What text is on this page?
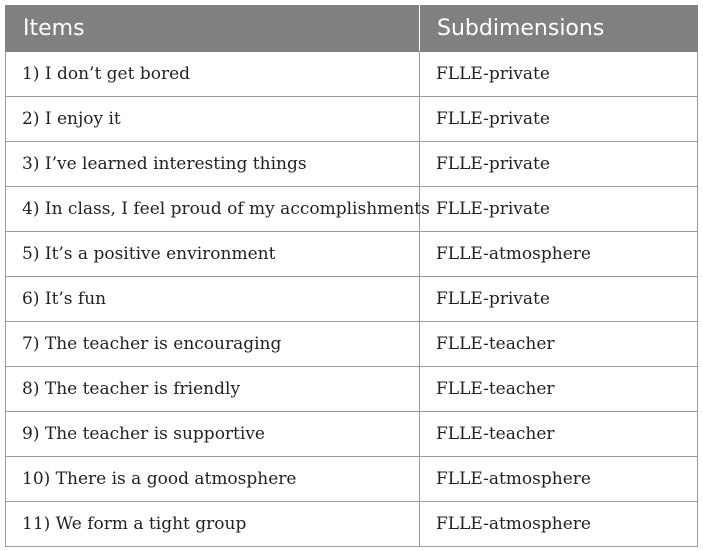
Items	Subdimensions
1) I don’t get bored	FLLE-private
2) I enjoy it	FLLE-private
3) I’ve learned interesting things	FLLE-private
4) In class, I feel proud of my accomplishments	FLLE-private
5) It’s a positive environment	FLLE-atmosphere
6) It’s fun	FLLE-private
7) The teacher is encouraging	FLLE-teacher
8) The teacher is friendly	FLLE-teacher
9) The teacher is supportive	FLLE-teacher
10) There is a good atmosphere	FLLE-atmosphere
11) We form a tight group	FLLE-atmosphere
